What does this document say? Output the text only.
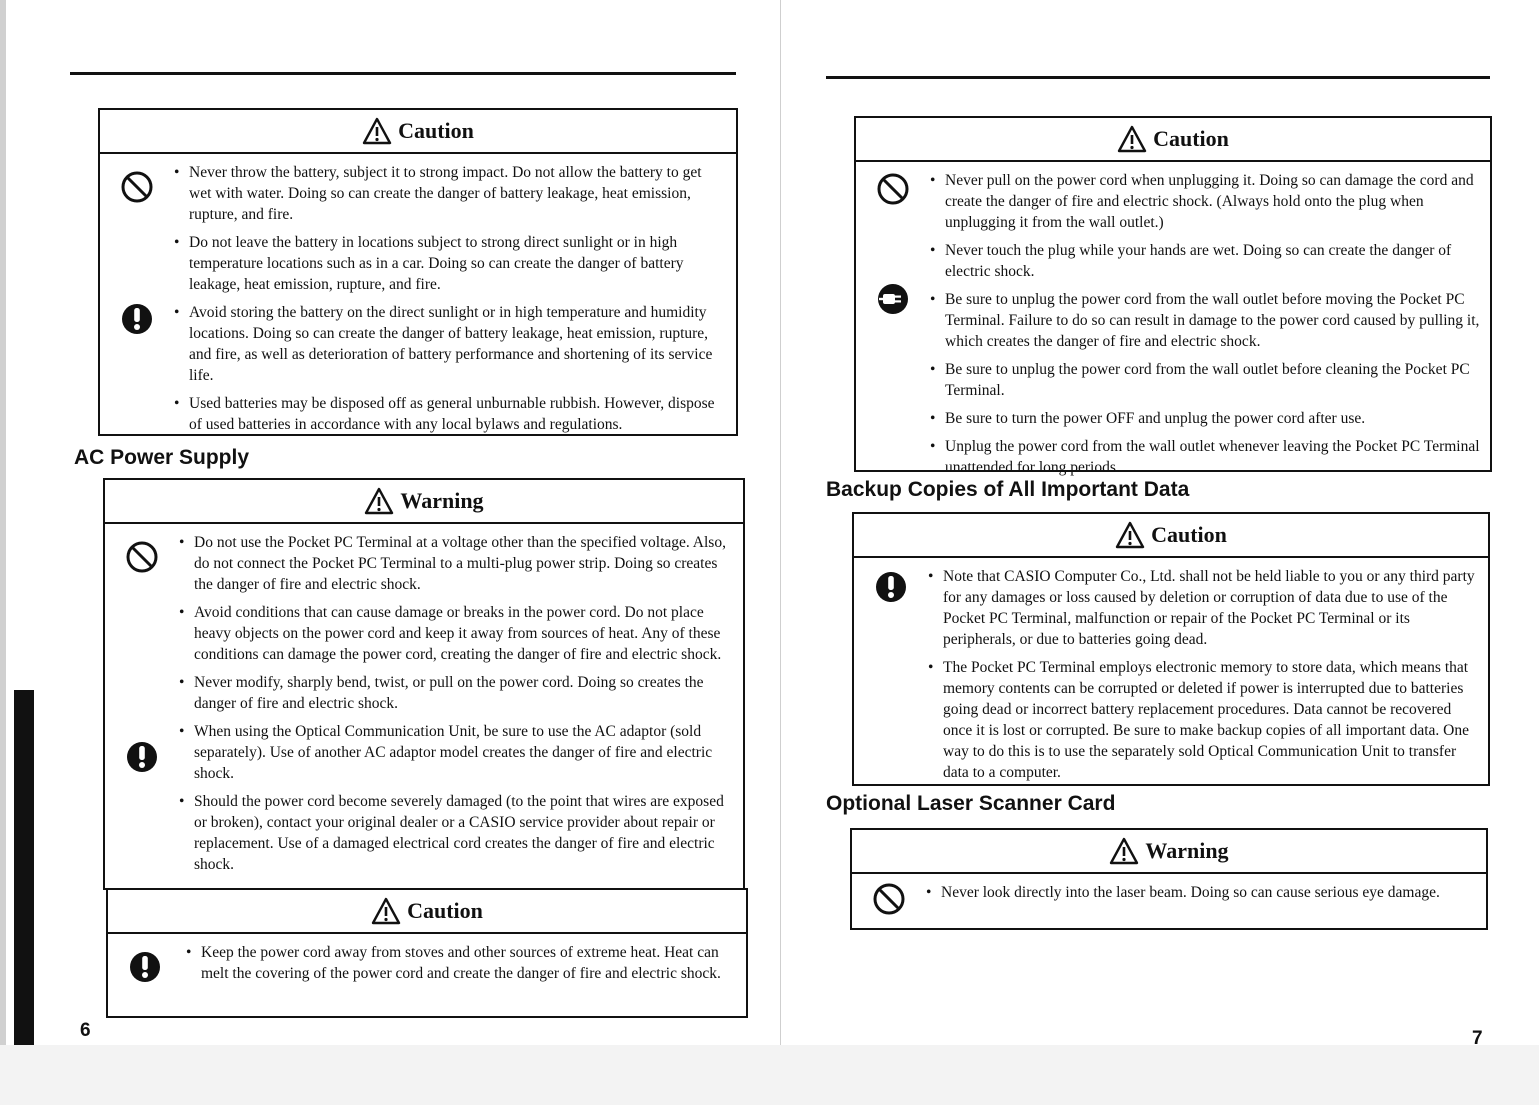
Caution
• Never throw the battery, subject it to strong impact. Do not allow the battery to get wet with water. Doing so can create the danger of battery leakage, heat emission, rupture, and fire.
• Do not leave the battery in locations subject to strong direct sunlight or in high temperature locations such as in a car. Doing so can create the danger of battery leakage, heat emission, rupture, and fire.
• Avoid storing the battery on the direct sunlight or in high temperature and humidity locations. Doing so can create the danger of battery leakage, heat emission, rupture, and fire, as well as deterioration of battery performance and shortening of its service life.
• Used batteries may be disposed off as general unburnable rubbish. However, dispose of used batteries in accordance with any local bylaws and regulations.
AC Power Supply
Warning
• Do not use the Pocket PC Terminal at a voltage other than the specified voltage. Also, do not connect the Pocket PC Terminal to a multi-plug power strip. Doing so creates the danger of fire and electric shock.
• Avoid conditions that can cause damage or breaks in the power cord. Do not place heavy objects on the power cord and keep it away from sources of heat. Any of these conditions can damage the power cord, creating the danger of fire and electric shock.
• Never modify, sharply bend, twist, or pull on the power cord. Doing so creates the danger of fire and electric shock.
• When using the Optical Communication Unit, be sure to use the AC adaptor (sold separately). Use of another AC adaptor model creates the danger of fire and electric shock.
• Should the power cord become severely damaged (to the point that wires are exposed or broken), contact your original dealer or a CASIO service provider about repair or replacement. Use of a damaged electrical cord creates the danger of fire and electric shock.
Caution
• Keep the power cord away from stoves and other sources of extreme heat. Heat can melt the covering of the power cord and create the danger of fire and electric shock.
6
Caution
• Never pull on the power cord when unplugging it. Doing so can damage the cord and create the danger of fire and electric shock. (Always hold onto the plug when unplugging it from the wall outlet.)
• Never touch the plug while your hands are wet. Doing so can create the danger of electric shock.
• Be sure to unplug the power cord from the wall outlet before moving the Pocket PC Terminal. Failure to do so can result in damage to the power cord caused by pulling it, which creates the danger of fire and electric shock.
• Be sure to unplug the power cord from the wall outlet before cleaning the Pocket PC Terminal.
• Be sure to turn the power OFF and unplug the power cord after use.
• Unplug the power cord from the wall outlet whenever leaving the Pocket PC Terminal unattended for long periods.
Backup Copies of All Important Data
Caution
• Note that CASIO Computer Co., Ltd. shall not be held liable to you or any third party for any damages or loss caused by deletion or corruption of data due to use of the Pocket PC Terminal, malfunction or repair of the Pocket PC Terminal or its peripherals, or due to batteries going dead.
• The Pocket PC Terminal employs electronic memory to store data, which means that memory contents can be corrupted or deleted if power is interrupted due to batteries going dead or incorrect battery replacement procedures. Data cannot be recovered once it is lost or corrupted. Be sure to make backup copies of all important data. One way to do this is to use the separately sold Optical Communication Unit to transfer data to a computer.
Optional Laser Scanner Card
Warning
• Never look directly into the laser beam. Doing so can cause serious eye damage.
7
